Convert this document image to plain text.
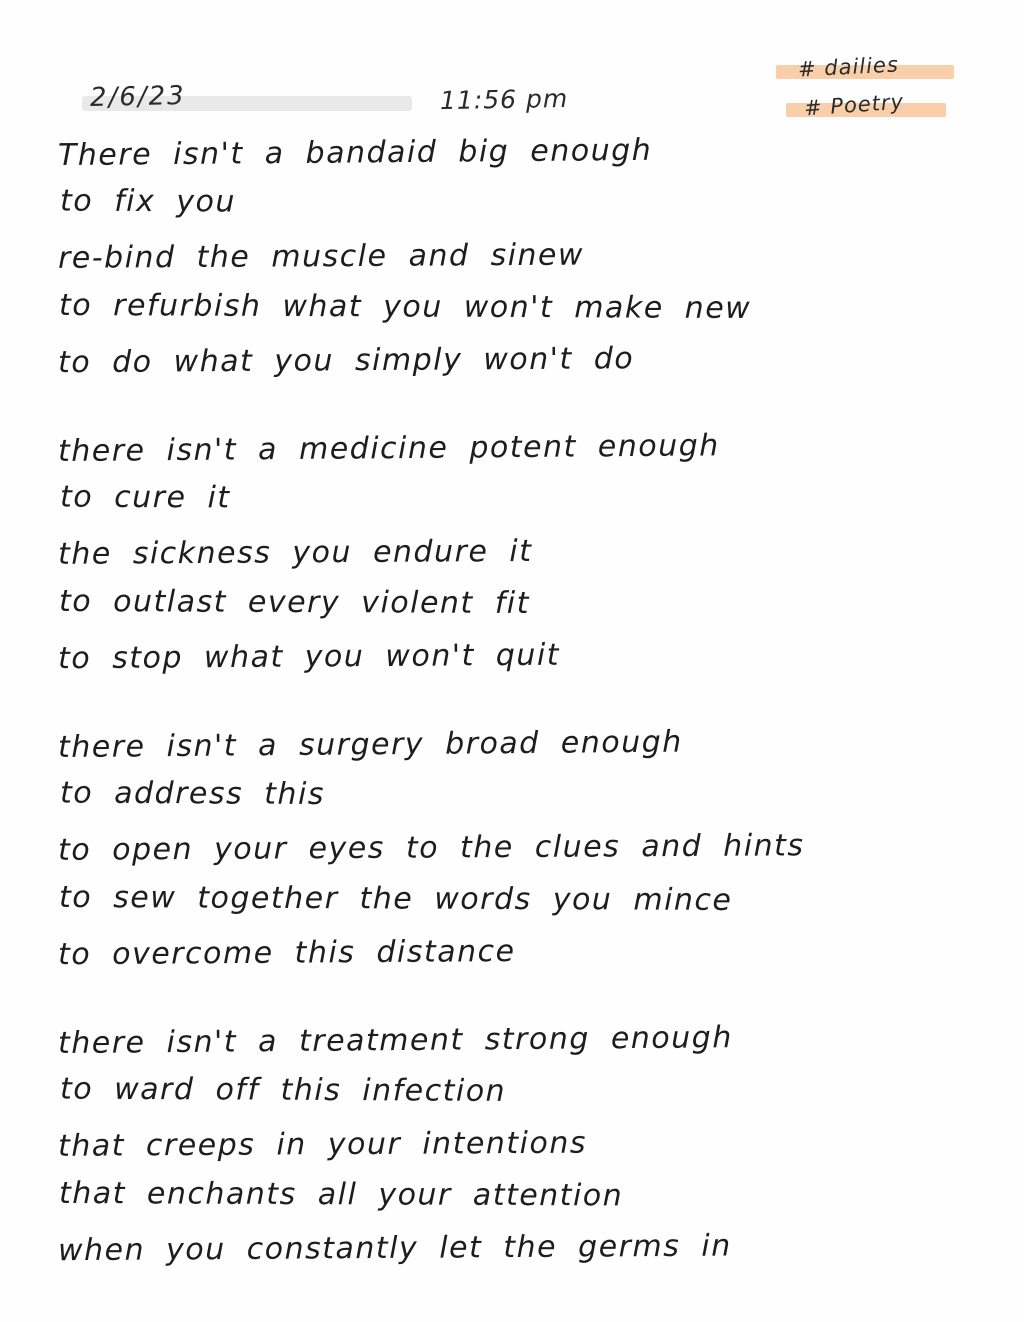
2/6/23	11:56 pm
# dailies
# Poetry
There isn't a bandaid big enough
to fix you
re-bind the muscle and sinew
to refurbish what you won't make new
to do what you simply won't do
there isn't a medicine potent enough
to cure it
the sickness you endure it
to outlast every violent fit
to stop what you won't quit
there isn't a surgery broad enough
to address this
to open your eyes to the clues and hints
to sew together the words you mince
to overcome this distance
there isn't a treatment strong enough
to ward off this infection
that creeps in your intentions
that enchants all your attention
when you constantly let the germs in
